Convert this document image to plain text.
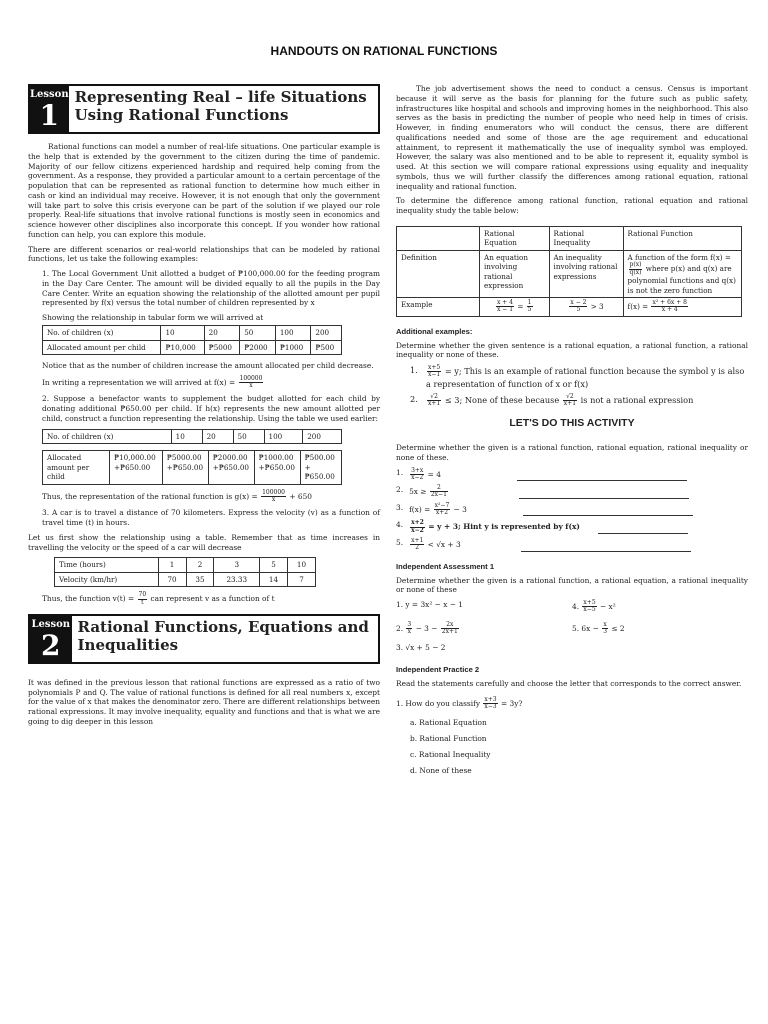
HANDOUTS ON RATIONAL FUNCTIONS
Lesson
1
Representing Real – life Situations Using Rational Functions

Rational functions can model a number of real-life situations. One particular example is the help that is extended by the government to the citizen during the time of pandemic. Majority of our fellow citizens experienced hardship and required help coming from the government. As a response, they provided a particular amount to a certain percentage of the population that can be represented as rational function to determine how much either in cash or kind an individual may receive. However, it is not enough that only the government will take part to solve this crisis everyone can be part of the solution if we played our role properly. Real-life situations that involve rational functions is mostly seen in economics and science however other disciplines also incorporate this concept. If you wonder how rational function can help, you can explore this module.

There are different scenarios or real-world relationships that can be modeled by rational functions, let us take the following examples:

1. The Local Government Unit allotted a budget of ₱100,000.00 for the feeding program in the Day Care Center. The amount will be divided equally to all the pupils in the Day Care Center. Write an equation showing the relationship of the allotted amount per pupil represented by f(x) versus the total number of children represented by x

Showing the relationship in tabular form we will arrived at

No. of children (x)	10	20	50	100	200
Allocated amount per child	₱10,000	₱5000	₱2000	₱1000	₱500

Notice that as the number of children increase the amount allocated per child decrease.

In writing a representation we will arrived at $f(x) = \frac{100000}{x}$

2. Suppose a benefactor wants to supplement the budget allotted for each child by donating additional ₱650.00 per child. If h(x) represents the new amount allotted per child, construct a function representing the relationship. Using the table we used earlier:

No. of children (x)	10	20	50	100	200
Allocated amount per child	₱10,000.00 +₱650.00	₱5000.00 +₱650.00	₱2000.00 +₱650.00	₱1000.00 +₱650.00	₱500.00 +₱650.00

Thus, the representation of the rational function is $g(x) = \frac{100000}{x} + 650$

3. A car is to travel a distance of 70 kilometers. Express the velocity (v) as a function of travel time (t) in hours.

Let us first show the relationship using a table. Remember that as time increases in travelling the velocity or the speed of a car will decrease

Time (hours)	1	2	3	5	10
Velocity (km/hr)	70	35	23.33	14	7

Thus, the function $v(t) = \frac{70}{t}$ can represent v as a function of t

Lesson
2
Rational Functions, Equations and Inequalities

It was defined in the previous lesson that rational functions are expressed as a ratio of two polynomials P and Q. The value of rational functions is defined for all real numbers x, except for the value of x that makes the denominator zero. There are different relationships between rational expressions. It may involve inequality, equality and functions and that is what we are going to dig deeper in this lesson

The job advertisement shows the need to conduct a census. Census is important because it will serve as the basis for planning for the future such as public safety, infrastructures like hospital and schools and improving homes in the neighborhood. This also serves as the basis in predicting the number of people who need help in times of crisis. However, in finding enumerators who will conduct the census, there are different qualifications needed and some of those are the age requirement and educational attainment, to represent it mathematically the use of inequality symbol was employed. However, the salary was also mentioned and to be able to represent it, equality symbol is used. At this section we will compare rational expressions using equality and inequality symbols, thus we will further classify the differences among rational equation, rational inequality and rational function.

To determine the difference among rational function, rational equation and rational inequality study the table below:

	Rational Equation	Rational Inequality	Rational Function
Definition	An equation involving rational expression	An inequality involving rational expressions	A function of the form f(x) =
$\frac{p(x)}{q(x)}$ where p(x) and q(x) are polynomial functions and q(x) is not the zero function
Example	$\frac{x + 4}{x - 1} = \frac{1}{5}$	$\frac{x - 2}{5} > 3$	$f(x) = \frac{\text{x² + 6x + 8}}{x + 4}$
Additional examples:

Determine whether the given sentence is a rational equation, a rational function, a rational inequality or none of these.

1.	$\frac{x+5}{x-1} = y$; This is an example of rational function because the symbol y is also a representation of function of x or f(x)
2.	$\frac{√2}{x+1} \le 3$; None of these because $\frac{√2}{x+1}$ is not a rational expression
LET'S DO THIS ACTIVITY

Determine whether the given is a rational function, rational equation, rational inequality or none of these.

1. $\frac{3+x}{x-2} = 4$
2. $5x \ge \frac{2}{2x-1}$
3. $f(x) = \frac{\text{x²−7}}{x+2} - 3$
4. $\frac{x+2}{x-2} = y + 3$; Hint y is represented by f(x)
5. $\frac{x+1}{2} < √x + 3$
Independent Assessment 1

Determine whether the given is a rational function, a rational equation, a rational inequality or none of these

1. y = 3x² − x − 1	4. $\frac{x+5}{x-5} - x^2$
2. $\frac{3}{x} - 3 - \frac{2x}{2x+1}$	5. $6x - \frac{x}{3} \le 2$
3. √x + 5 − 2
Independent Practice 2

Read the statements carefully and choose the letter that corresponds to the correct answer.

1. How do you classify $\frac{x+3}{x-3} = 3y$?
a. Rational Equation
b. Rational Function
c. Rational Inequality
d. None of these
